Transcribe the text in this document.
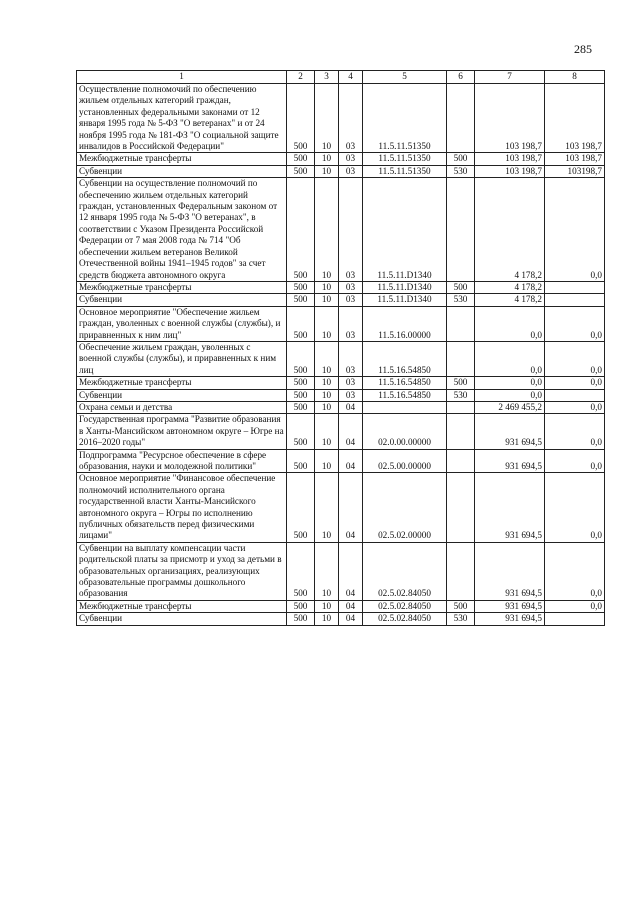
285
1	2	3	4	5	6	7	8
Осуществление полномочий по обеспечению жильем отдельных категорий граждан, установленных федеральными законами от 12 января 1995 года № 5-ФЗ "О ветеранах" и от 24 ноября 1995 года № 181-ФЗ "О социальной защите инвалидов в Российской Федерации"	500	10	03	11.5.11.51350		103 198,7	103 198,7
Межбюджетные трансферты	500	10	03	11.5.11.51350	500	103 198,7	103 198,7
Субвенции	500	10	03	11.5.11.51350	530	103 198,7	103198,7
Субвенции на осуществление полномочий по обеспечению жильем отдельных категорий граждан, установленных Федеральным законом от 12 января 1995 года № 5-ФЗ "О ветеранах", в соответствии с Указом Президента Российской Федерации от 7 мая 2008 года № 714 "Об обеспечении жильем ветеранов Великой Отечественной войны 1941–1945 годов" за счет средств бюджета автономного округа	500	10	03	11.5.11.D1340		4 178,2	0,0
Межбюджетные трансферты	500	10	03	11.5.11.D1340	500	4 178,2	
Субвенции	500	10	03	11.5.11.D1340	530	4 178,2	
Основное мероприятие "Обеспечение жильем граждан, уволенных с военной службы (службы), и приравненных к ним лиц"	500	10	03	11.5.16.00000		0,0	0,0
Обеспечение жильем граждан, уволенных с военной службы (службы), и приравненных к ним лиц	500	10	03	11.5.16.54850		0,0	0,0
Межбюджетные трансферты	500	10	03	11.5.16.54850	500	0,0	0,0
Субвенции	500	10	03	11.5.16.54850	530	0,0	
Охрана семьи и детства	500	10	04			2 469 455,2	0,0
Государственная программа "Развитие образования в Ханты-Мансийском автономном округе – Югре на 2016–2020 годы"	500	10	04	02.0.00.00000		931 694,5	0,0
Подпрограмма "Ресурсное обеспечение в сфере образования, науки и молодежной политики"	500	10	04	02.5.00.00000		931 694,5	0,0
Основное мероприятие "Финансовое обеспечение полномочий исполнительного органа государственной власти Ханты-Мансийского автономного округа – Югры по исполнению публичных обязательств перед физическими лицами"	500	10	04	02.5.02.00000		931 694,5	0,0
Субвенции на выплату компенсации части родительской платы за присмотр и уход за детьми в образовательных организациях, реализующих образовательные программы дошкольного образования	500	10	04	02.5.02.84050		931 694,5	0,0
Межбюджетные трансферты	500	10	04	02.5.02.84050	500	931 694,5	0,0
Субвенции	500	10	04	02.5.02.84050	530	931 694,5	
